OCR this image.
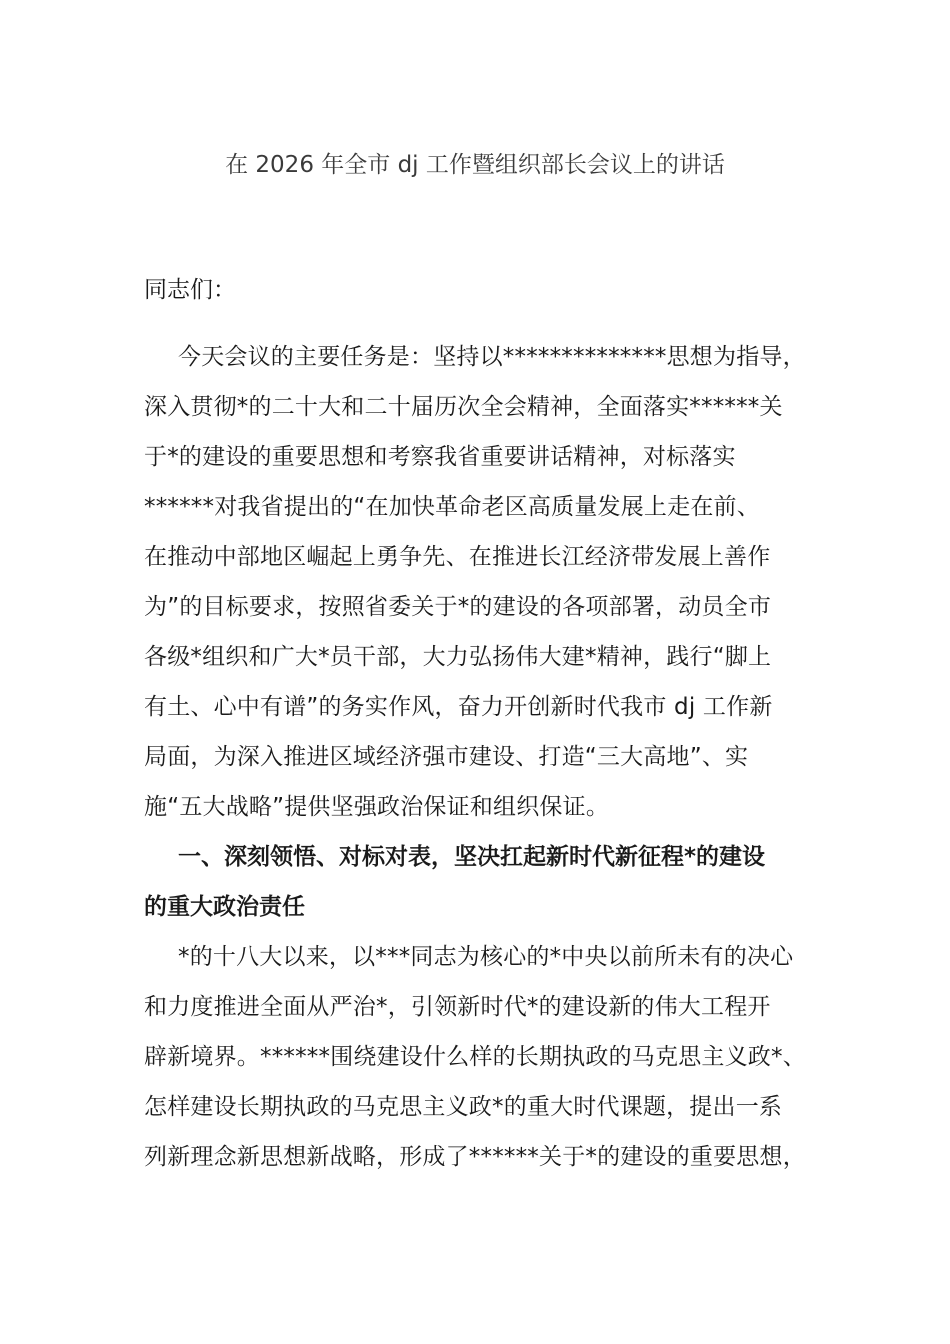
在 2026 年全市 dj 工作暨组织部长会议上的讲话

同志们：

今天会议的主要任务是：坚持以**************思想为指导，
深入贯彻*的二十大和二十届历次全会精神，全面落实******关
于*的建设的重要思想和考察我省重要讲话精神，对标落实
******对我省提出的“在加快革命老区高质量发展上走在前、
在推动中部地区崛起上勇争先、在推进长江经济带发展上善作
为”的目标要求，按照省委关于*的建设的各项部署，动员全市
各级*组织和广大*员干部，大力弘扬伟大建*精神，践行“脚上
有土、心中有谱”的务实作风，奋力开创新时代我市 dj 工作新
局面，为深入推进区域经济强市建设、打造“三大高地”、实
施“五大战略”提供坚强政治保证和组织保证。

一、深刻领悟、对标对表，坚决扛起新时代新征程*的建设
的重大政治责任

*的十八大以来，以***同志为核心的*中央以前所未有的决心
和力度推进全面从严治*，引领新时代*的建设新的伟大工程开
辟新境界。******围绕建设什么样的长期执政的马克思主义政*、
怎样建设长期执政的马克思主义政*的重大时代课题，提出一系
列新理念新思想新战略，形成了******关于*的建设的重要思想，
